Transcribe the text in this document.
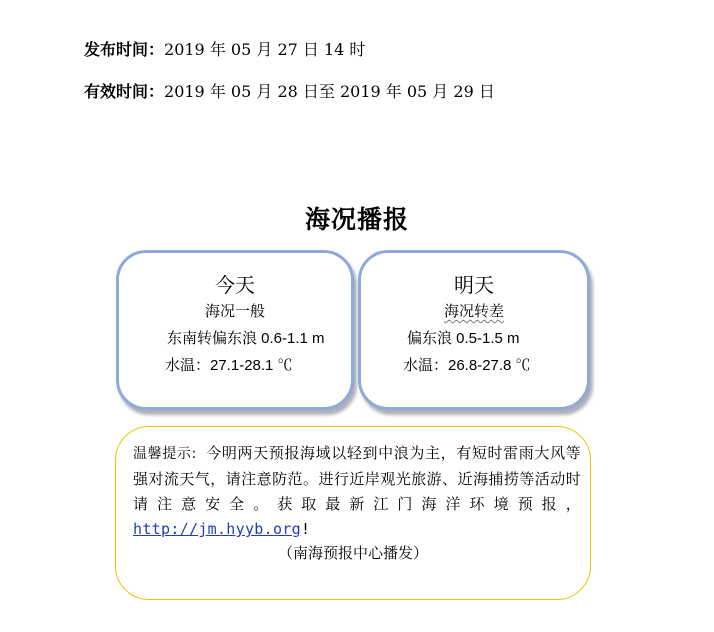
发布时间：2019 年 05 月 27 日 14 时
有效时间：2019 年 05 月 28 日至 2019 年 05 月 29 日
海况播报
今天
海况一般
东南转偏东浪 0.6-1.1 m
水温：27.1-28.1 ℃
明天
海况转差
偏东浪 0.5-1.5 m
水温：26.8-27.8 ℃
温馨提示: 今明两天预报海域以轻到中浪为主，有短时雷雨大风等强对流天气，请注意防范。进行近岸观光旅游、近海捕捞等活动时请注意安全。获取最新江门海洋环境预报，http://jm.hyyb.org!
（南海预报中心播发）
